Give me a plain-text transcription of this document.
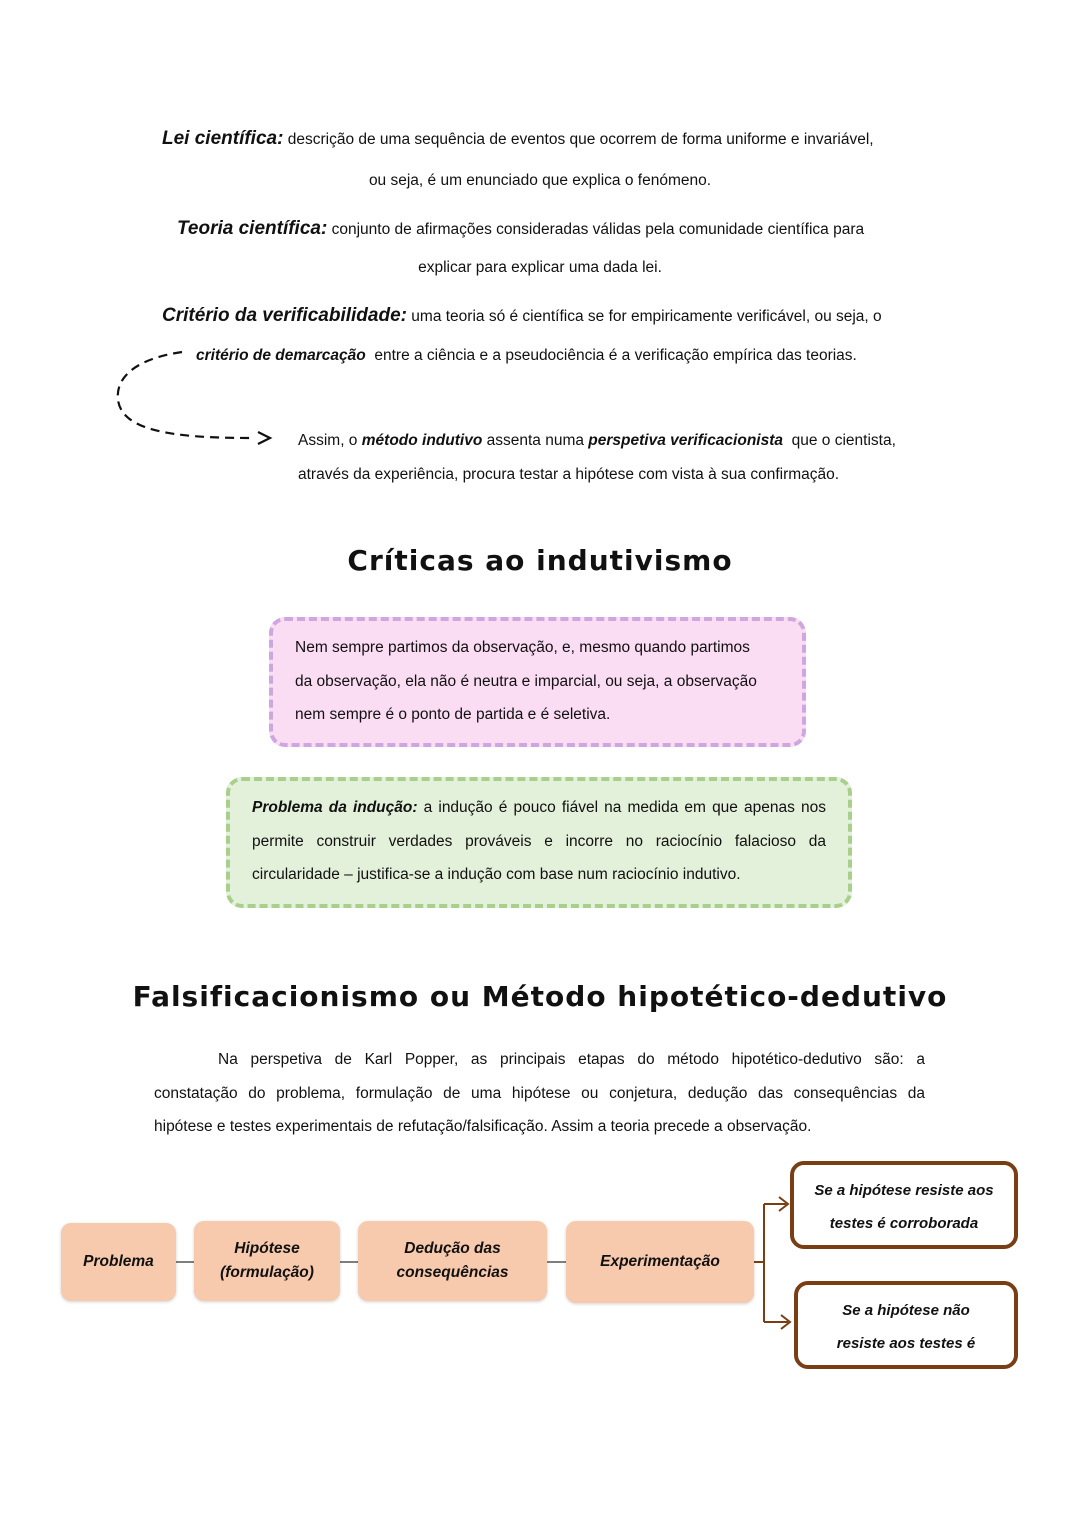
Lei científica: descrição de uma sequência de eventos que ocorrem de forma uniforme e invariável,
ou seja, é um enunciado que explica o fenómeno.
Teoria científica: conjunto de afirmações consideradas válidas pela comunidade científica para
explicar para explicar uma dada lei.
Critério da verificabilidade: uma teoria só é científica se for empiricamente verificável, ou seja, o
critério de demarcação entre a ciência e a pseudociência é a verificação empírica das teorias.
Assim, o método indutivo assenta numa perspetiva verificacionista que o cientista,
através da experiência, procura testar a hipótese com vista à sua confirmação.
Críticas ao indutivismo
Nem sempre partimos da observação, e, mesmo quando partimos
da observação, ela não é neutra e imparcial, ou seja, a observação
nem sempre é o ponto de partida e é seletiva.
Problema da indução: a indução é pouco fiável na medida em que apenas nos
permite construir verdades prováveis e incorre no raciocínio falacioso da
circularidade – justifica-se a indução com base num raciocínio indutivo.
Falsificacionismo ou Método hipotético-dedutivo
Na perspetiva de Karl Popper, as principais etapas do método hipotético-dedutivo são: a
constatação do problema, formulação de uma hipótese ou conjetura, dedução das consequências da
hipótese e testes experimentais de refutação/falsificação. Assim a teoria precede a observação.
Problema
Hipótese
(formulação)
Dedução das
consequências
Experimentação
Se a hipótese resiste aos
testes é corroborada
Se a hipótese não
resiste aos testes é
